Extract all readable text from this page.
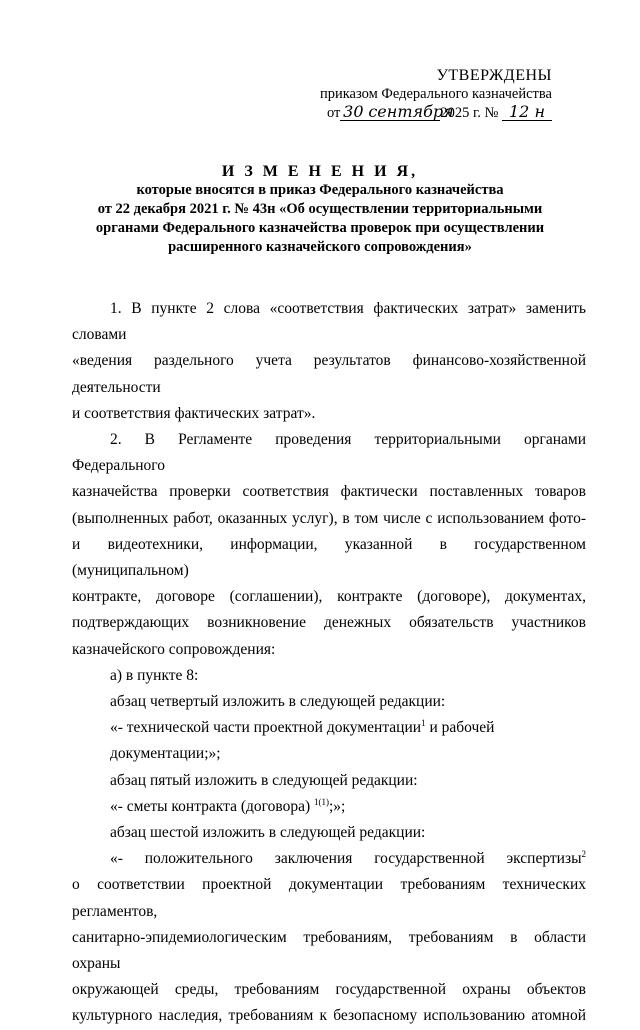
УТВЕРЖДЕНЫ
приказом Федерального казначейства
от 30 сентября2025 г. № 12 н
И З М Е Н Е Н И Я,
которые вносятся в приказ Федерального казначейства
от 22 декабря 2021 г. № 43н «Об осуществлении территориальными
органами Федерального казначейства проверок при осуществлении
расширенного казначейского сопровождения»
1. В пункте 2 слова «соответствия фактических затрат» заменить словами
«ведения раздельного учета результатов финансово-хозяйственной деятельности
и соответствия фактических затрат».
2. В Регламенте проведения территориальными органами Федерального
казначейства проверки соответствия фактически поставленных товаров
(выполненных работ, оказанных услуг), в том числе с использованием фото-
и видеотехники, информации, указанной в государственном (муниципальном)
контракте, договоре (соглашении), контракте (договоре), документах,
подтверждающих возникновение денежных обязательств участников
казначейского сопровождения:
а) в пункте 8:
абзац четвертый изложить в следующей редакции:
«- технической части проектной документации$^1$ и рабочей документации;»;
абзац пятый изложить в следующей редакции:
«- сметы контракта (договора) $^{1(1)}$;»;
абзац шестой изложить в следующей редакции:
«- положительного заключения государственной экспертизы$^2$
о соответствии проектной документации требованиям технических регламентов,
санитарно-эпидемиологическим требованиям, требованиям в области охраны
окружающей среды, требованиям государственной охраны объектов
культурного наследия, требованиям к безопасному использованию атомной
